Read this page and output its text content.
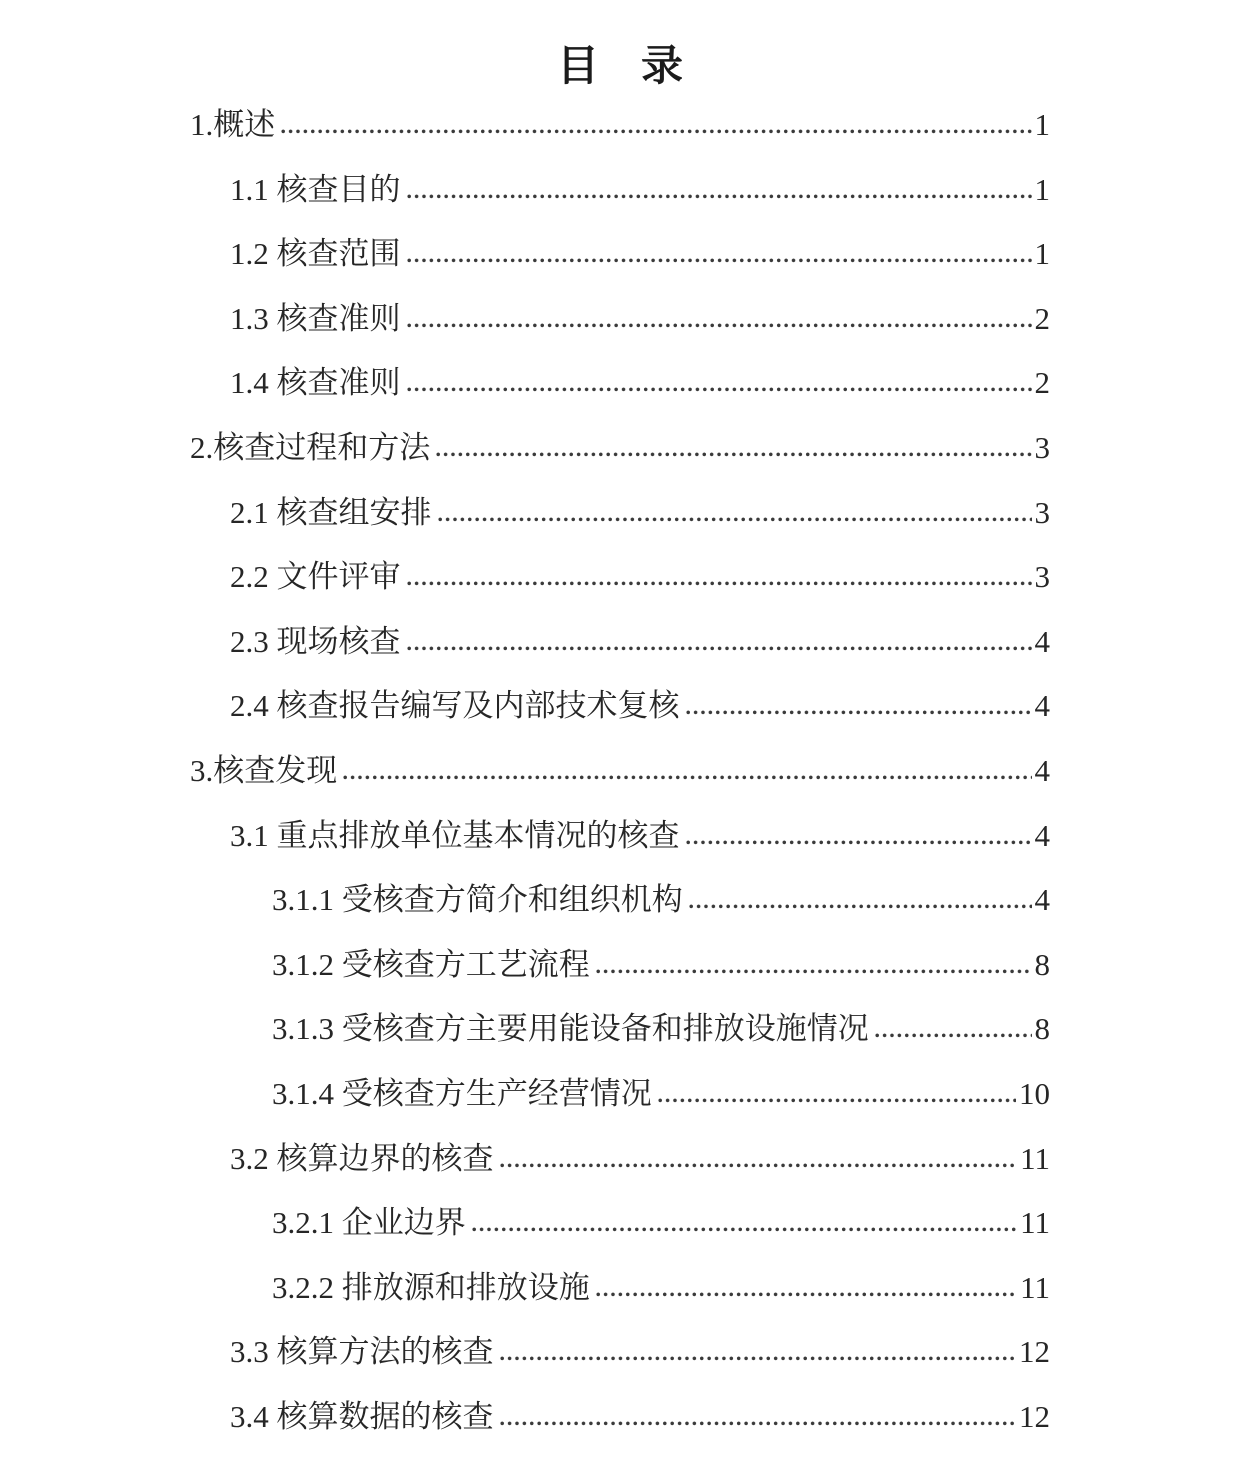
目　录
1.概述	1
1.1 核查目的	1
1.2 核查范围	1
1.3 核查准则	2
1.4 核查准则	2
2.核查过程和方法	3
2.1 核查组安排	3
2.2 文件评审	3
2.3 现场核查	4
2.4 核查报告编写及内部技术复核	4
3.核查发现	4
3.1 重点排放单位基本情况的核查	4
3.1.1 受核查方简介和组织机构	4
3.1.2 受核查方工艺流程	8
3.1.3 受核查方主要用能设备和排放设施情况	8
3.1.4 受核查方生产经营情况	10
3.2 核算边界的核查	11
3.2.1 企业边界	11
3.2.2 排放源和排放设施	11
3.3 核算方法的核查	12
3.4 核算数据的核查	12
